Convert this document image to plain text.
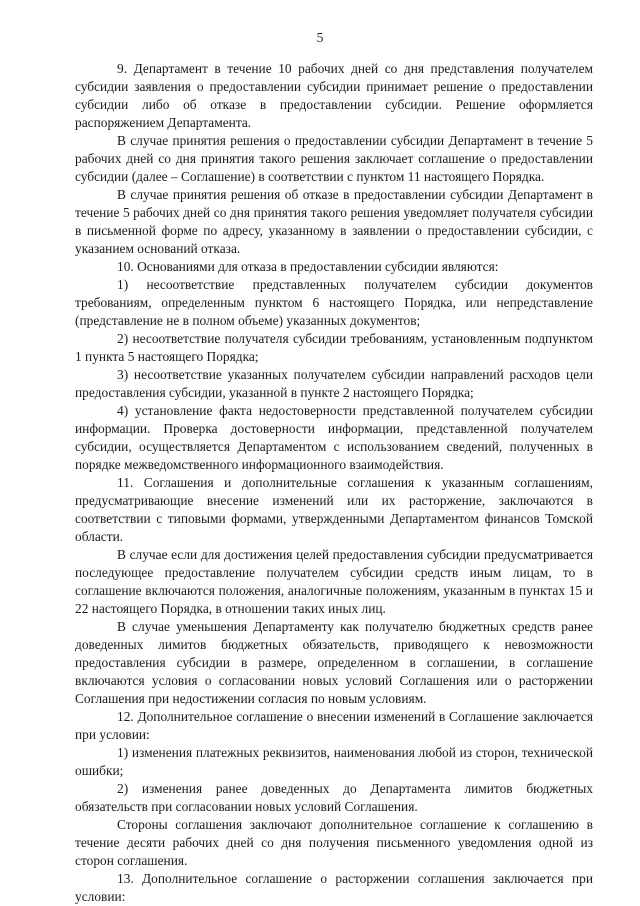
5

9. Департамент в течение 10 рабочих дней со дня представления получателем субсидии заявления о предоставлении субсидии принимает решение о предоставлении субсидии либо об отказе в предоставлении субсидии. Решение оформляется распоряжением Департамента.

В случае принятия решения о предоставлении субсидии Департамент в течение 5 рабочих дней со дня принятия такого решения заключает соглашение о предоставлении субсидии (далее – Соглашение) в соответствии с пунктом 11 настоящего Порядка.

В случае принятия решения об отказе в предоставлении субсидии Департамент в течение 5 рабочих дней со дня принятия такого решения уведомляет получателя субсидии в письменной форме по адресу, указанному в заявлении о предоставлении субсидии, с указанием оснований отказа.

10. Основаниями для отказа в предоставлении субсидии являются:

1) несоответствие представленных получателем субсидии документов требованиям, определенным пунктом 6 настоящего Порядка, или непредставление (представление не в полном объеме) указанных документов;

2) несоответствие получателя субсидии требованиям, установленным подпунктом 1 пункта 5 настоящего Порядка;

3) несоответствие указанных получателем субсидии направлений расходов цели предоставления субсидии, указанной в пункте 2 настоящего Порядка;

4) установление факта недостоверности представленной получателем субсидии информации. Проверка достоверности информации, представленной получателем субсидии, осуществляется Департаментом с использованием сведений, полученных в порядке межведомственного информационного взаимодействия.

11. Соглашения и дополнительные соглашения к указанным соглашениям, предусматривающие внесение изменений или их расторжение, заключаются в соответствии с типовыми формами, утвержденными Департаментом финансов Томской области.

В случае если для достижения целей предоставления субсидии предусматривается последующее предоставление получателем субсидии средств иным лицам, то в соглашение включаются положения, аналогичные положениям, указанным в пунктах 15 и 22 настоящего Порядка, в отношении таких иных лиц.

В случае уменьшения Департаменту как получателю бюджетных средств ранее доведенных лимитов бюджетных обязательств, приводящего к невозможности предоставления субсидии в размере, определенном в соглашении, в соглашение включаются условия о согласовании новых условий Соглашения или о расторжении Соглашения при недостижении согласия по новым условиям.

12. Дополнительное соглашение о внесении изменений в Соглашение заключается при условии:

1) изменения платежных реквизитов, наименования любой из сторон, технической ошибки;

2) изменения ранее доведенных до Департамента лимитов бюджетных обязательств при согласовании новых условий Соглашения.

Стороны соглашения заключают дополнительное соглашение к соглашению в течение десяти рабочих дней со дня получения письменного уведомления одной из сторон соглашения.

13. Дополнительное соглашение о расторжении соглашения заключается при условии:
